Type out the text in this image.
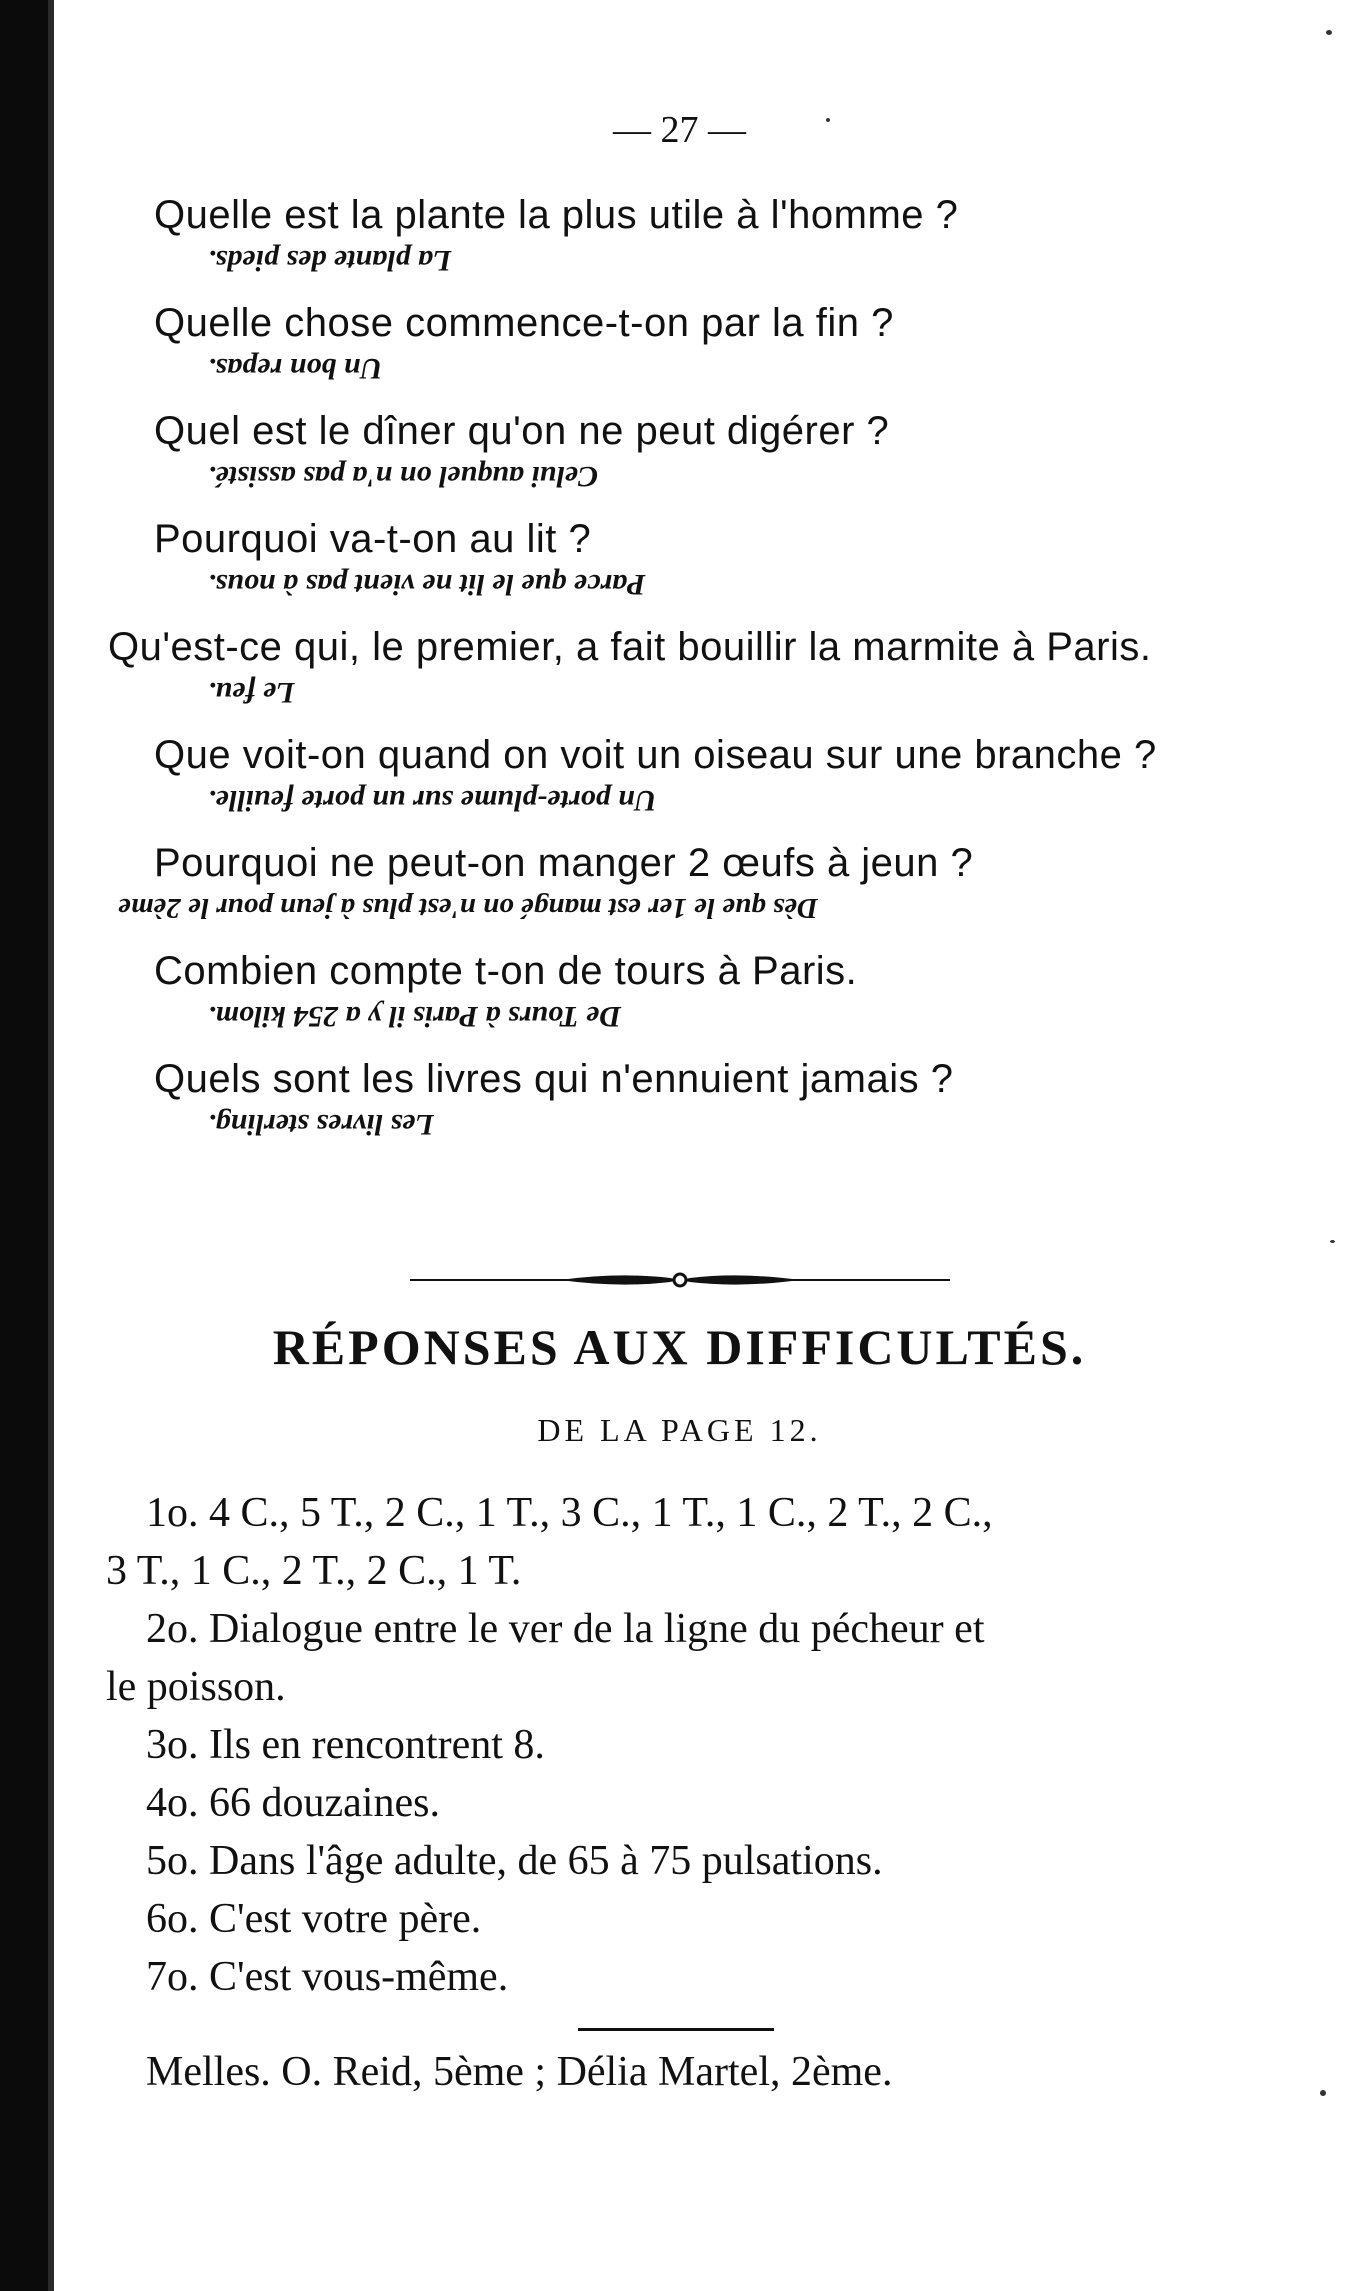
— 27 —
Quelle est la plante la plus utile à l'homme ?
La plante des pieds.
Quelle chose commence-t-on par la fin ?
Un bon repas.
Quel est le dîner qu'on ne peut digérer ?
Celui auquel on n'a pas assisté.
Pourquoi va-t-on au lit ?
Parce que le lit ne vient pas à nous.
Qu'est-ce qui, le premier, a fait bouillir la marmite à Paris.
Le feu.
Que voit-on quand on voit un oiseau sur une branche ?
Un porte-plume sur un porte feuille.
Pourquoi ne peut-on manger 2 œufs à jeun ?
Dès que le 1er est mangé on n'est plus à jeun pour le 2ème
Combien compte t-on de tours à Paris.
De Tours à Paris il y a 254 kilom.
Quels sont les livres qui n'ennuient jamais ?
Les livres sterling.
RÉPONSES AUX DIFFICULTÉS.
DE LA PAGE 12.
1o. 4 C., 5 T., 2 C., 1 T., 3 C., 1 T., 1 C., 2 T., 2 C.,
3 T., 1 C., 2 T., 2 C., 1 T.
2o. Dialogue entre le ver de la ligne du pécheur et
le poisson.
3o. Ils en rencontrent 8.
4o. 66 douzaines.
5o. Dans l'âge adulte, de 65 à 75 pulsations.
6o. C'est votre père.
7o. C'est vous-même.
Melles. O. Reid, 5ème ; Délia Martel, 2ème.
